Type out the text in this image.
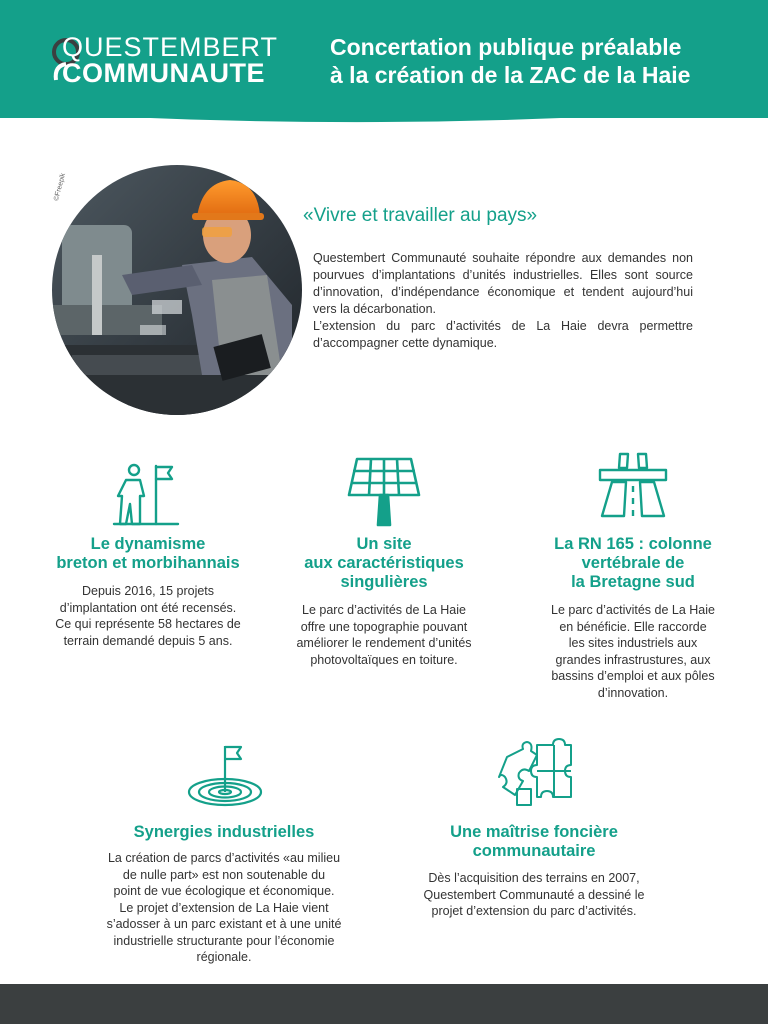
QUESTEMBERT
COMMUNAUTE
Concertation publique préalable
à la création de la ZAC de la Haie
©Freepik
«Vivre et travailler au pays»

Questembert Communauté souhaite répondre aux demandes non pourvues d’implantations d’unités industrielles. Elles sont source d’innovation, d’indépendance économique et tendent aujourd’hui vers la décarbonation.

L’extension du parc d’activités de La Haie devra permettre d’accompagner cette dynamique.

Le dynamisme
breton et morbihannais
Depuis 2016, 15 projets
d’implantation ont été recensés.
Ce qui représente 58 hectares de
terrain demandé depuis 5 ans.
Un site
aux caractéristiques
singulières
Le parc d’activités de La Haie
offre une topographie pouvant
améliorer le rendement d’unités
photovoltaïques en toiture.
La RN 165 : colonne
vertébrale de
la Bretagne sud
Le parc d’activités de La Haie
en bénéficie. Elle raccorde
les sites industriels aux
grandes infrastrustures, aux
bassins d’emploi et aux pôles
d’innovation.
Synergies industrielles
La création de parcs d’activités «au milieu
de nulle part» est non soutenable du
point de vue écologique et économique.
Le projet d’extension de La Haie vient
s’adosser à un parc existant et à une unité
industrielle structurante pour l’économie
régionale.
Une maîtrise foncière
communautaire
Dès l’acquisition des terrains en 2007,
Questembert Communauté a dessiné le
projet d’extension du parc d’activités.
